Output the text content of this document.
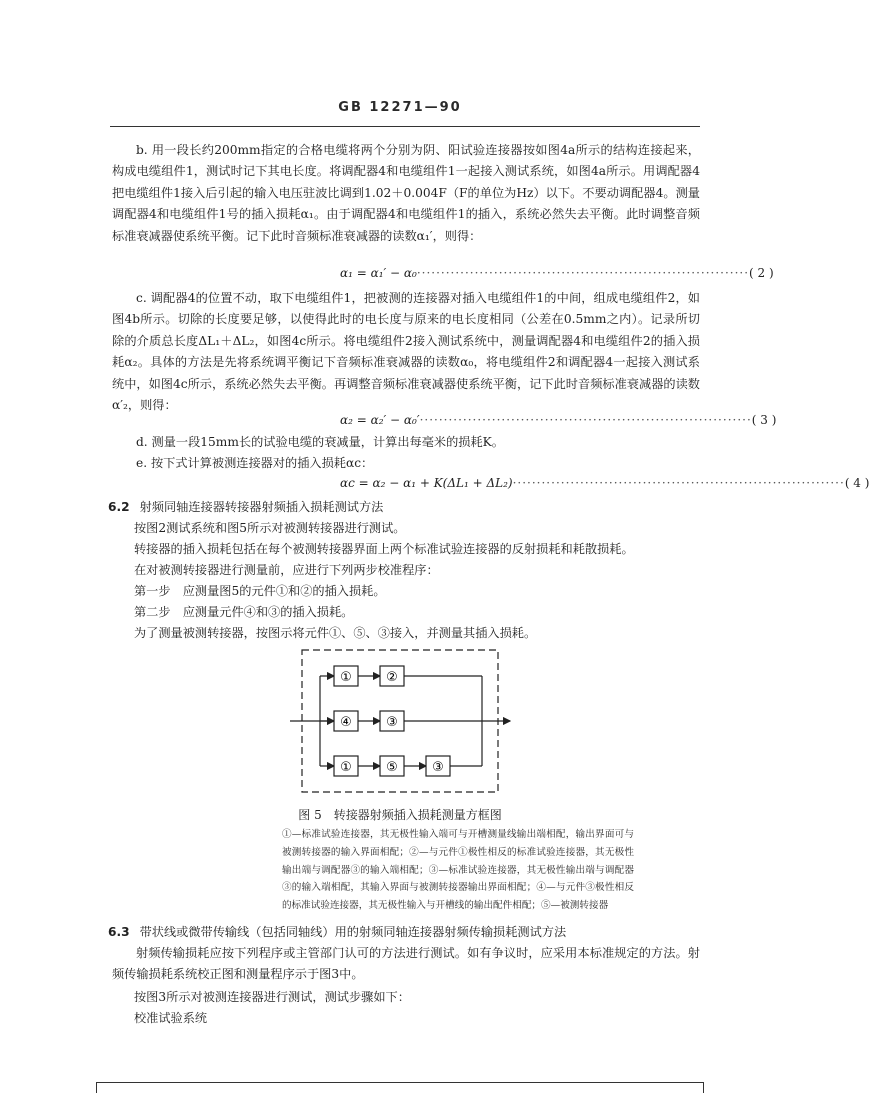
GB 12271—90
b. 用一段长约200mm指定的合格电缆将两个分别为阴、阳试验连接器按如图4a所示的结构连接起来，构成电缆组件1，测试时记下其电长度。将调配器4和电缆组件1一起接入测试系统，如图4a所示。用调配器4把电缆组件1接入后引起的输入电压驻波比调到1.02＋0.004F（F的单位为Hz）以下。不要动调配器4。测量调配器4和电缆组件1号的插入损耗α₁。由于调配器4和电缆组件1的插入，系统必然失去平衡。此时调整音频标准衰减器使系统平衡。记下此时音频标准衰减器的读数α₁′，则得：
α₁ = α₁′ − α₀ ····································································· ( 2 )
c. 调配器4的位置不动，取下电缆组件1，把被测的连接器对插入电缆组件1的中间，组成电缆组件2，如图4b所示。切除的长度要足够，以使得此时的电长度与原来的电长度相同（公差在0.5mm之内）。记录所切除的介质总长度ΔL₁＋ΔL₂，如图4c所示。将电缆组件2接入测试系统中，测量调配器4和电缆组件2的插入损耗α₂。具体的方法是先将系统调平衡记下音频标准衰减器的读数α₀，将电缆组件2和调配器4一起接入测试系统中，如图4c所示，系统必然失去平衡。再调整音频标准衰减器使系统平衡，记下此时音频标准衰减器的读数α′₂，则得：
α₂ = α₂′ − α₀′ ····································································· ( 3 )
d. 测量一段15mm长的试验电缆的衰减量，计算出每毫米的损耗K。
e. 按下式计算被测连接器对的插入损耗αc：
αc = α₂ − α₁ + K(ΔL₁ + ΔL₂) ····································································· ( 4 )
6.2 射频同轴连接器转接器射频插入损耗测试方法
按图2测试系统和图5所示对被测转接器进行测试。
转接器的插入损耗包括在每个被测转接器界面上两个标准试验连接器的反射损耗和耗散损耗。
在对被测转接器进行测量前，应进行下列两步校准程序：
第一步　应测量图5的元件①和②的插入损耗。
第二步　应测量元件④和③的插入损耗。
为了测量被测转接器，按图示将元件①、⑤、③接入，并测量其插入损耗。
①	②
④	③
①	⑤	③
图 5　转接器射频插入损耗测量方框图
①—标准试验连接器，其无极性输入端可与开槽测量线输出端相配，输出界面可与被测转接器的输入界面相配；②—与元件①极性相反的标准试验连接器，其无极性输出端与调配器③的输入端相配；③—标准试验连接器，其无极性输出端与调配器③的输入端相配，其输入界面与被测转接器输出界面相配；④—与元件③极性相反的标准试验连接器，其无极性输入与开槽线的输出配件相配；⑤—被测转接器
6.3 带状线或微带传输线（包括同轴线）用的射频同轴连接器射频传输损耗测试方法
射频传输损耗应按下列程序或主管部门认可的方法进行测试。如有争议时，应采用本标准规定的方法。射频传输损耗系统校正图和测量程序示于图3中。
按图3所示对被测连接器进行测试，测试步骤如下：
校准试验系统
